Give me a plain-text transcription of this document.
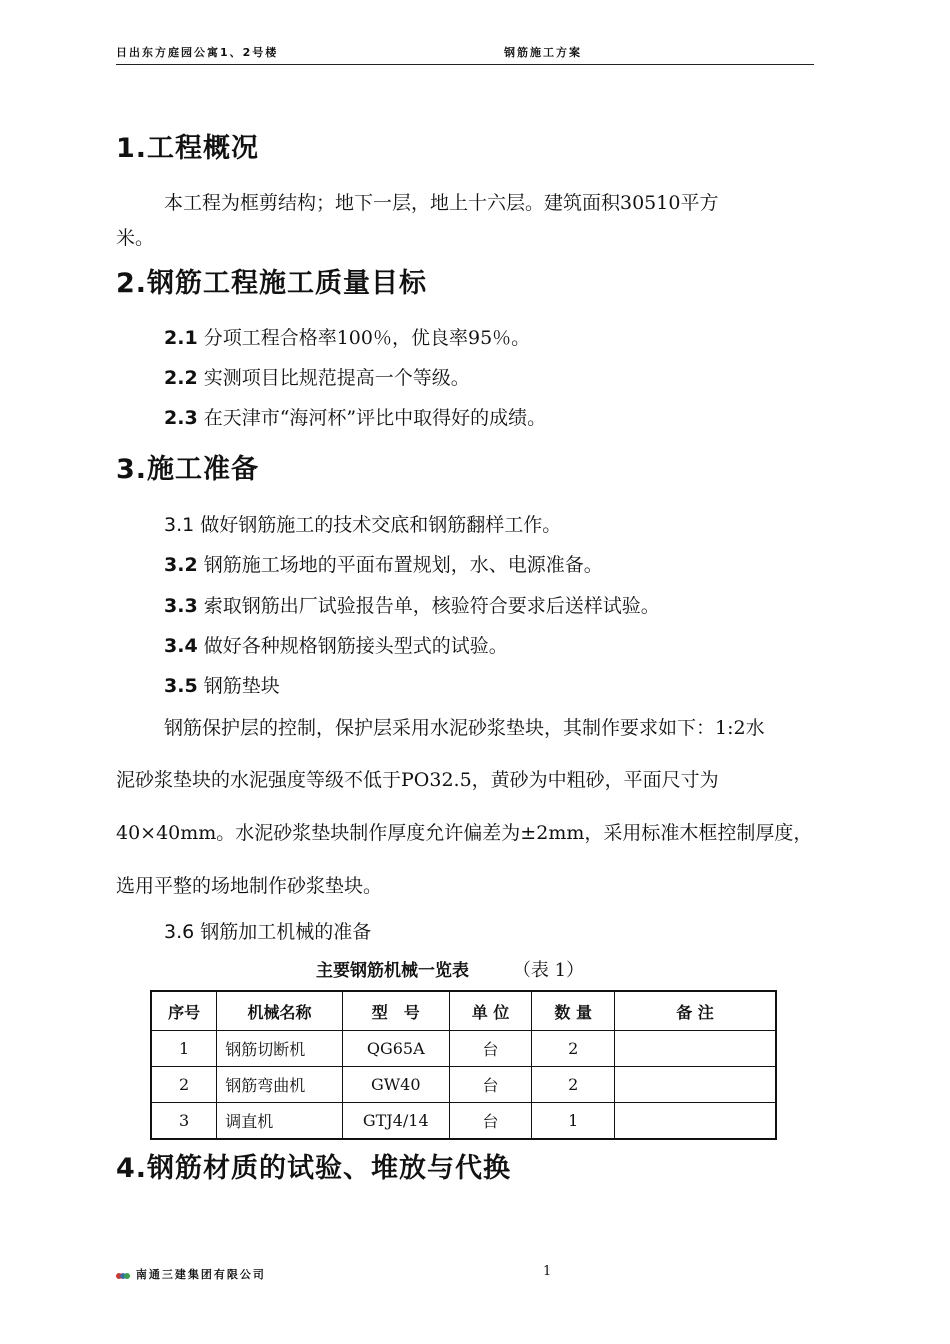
日出东方庭园公寓1、2号楼	钢筋施工方案
1.工程概况
本工程为框剪结构；地下一层，地上十六层。建筑面积30510平方
米。
2.钢筋工程施工质量目标
2.1 分项工程合格率100％，优良率95％。
2.2 实测项目比规范提高一个等级。
2.3 在天津市“海河杯”评比中取得好的成绩。
3.施工准备
3.1 做好钢筋施工的技术交底和钢筋翻样工作。
3.2 钢筋施工场地的平面布置规划，水、电源准备。
3.3 索取钢筋出厂试验报告单，核验符合要求后送样试验。
3.4 做好各种规格钢筋接头型式的试验。
3.5 钢筋垫块
钢筋保护层的控制，保护层采用水泥砂浆垫块，其制作要求如下：1:2水
泥砂浆垫块的水泥强度等级不低于PO32.5，黄砂为中粗砂，平面尺寸为
40×40mm。水泥砂浆垫块制作厚度允许偏差为±2mm，采用标准木框控制厚度，
选用平整的场地制作砂浆垫块。
3.6 钢筋加工机械的准备
主要钢筋机械一览表 （表 1）
序号	机械名称	型　号	单 位	数 量	备 注
1	钢筋切断机	QG65A	台	2	
2	钢筋弯曲机	GW40	台	2	
3	调直机	GTJ4/14	台	1	
4.钢筋材质的试验、堆放与代换
南通三建集团有限公司	1
